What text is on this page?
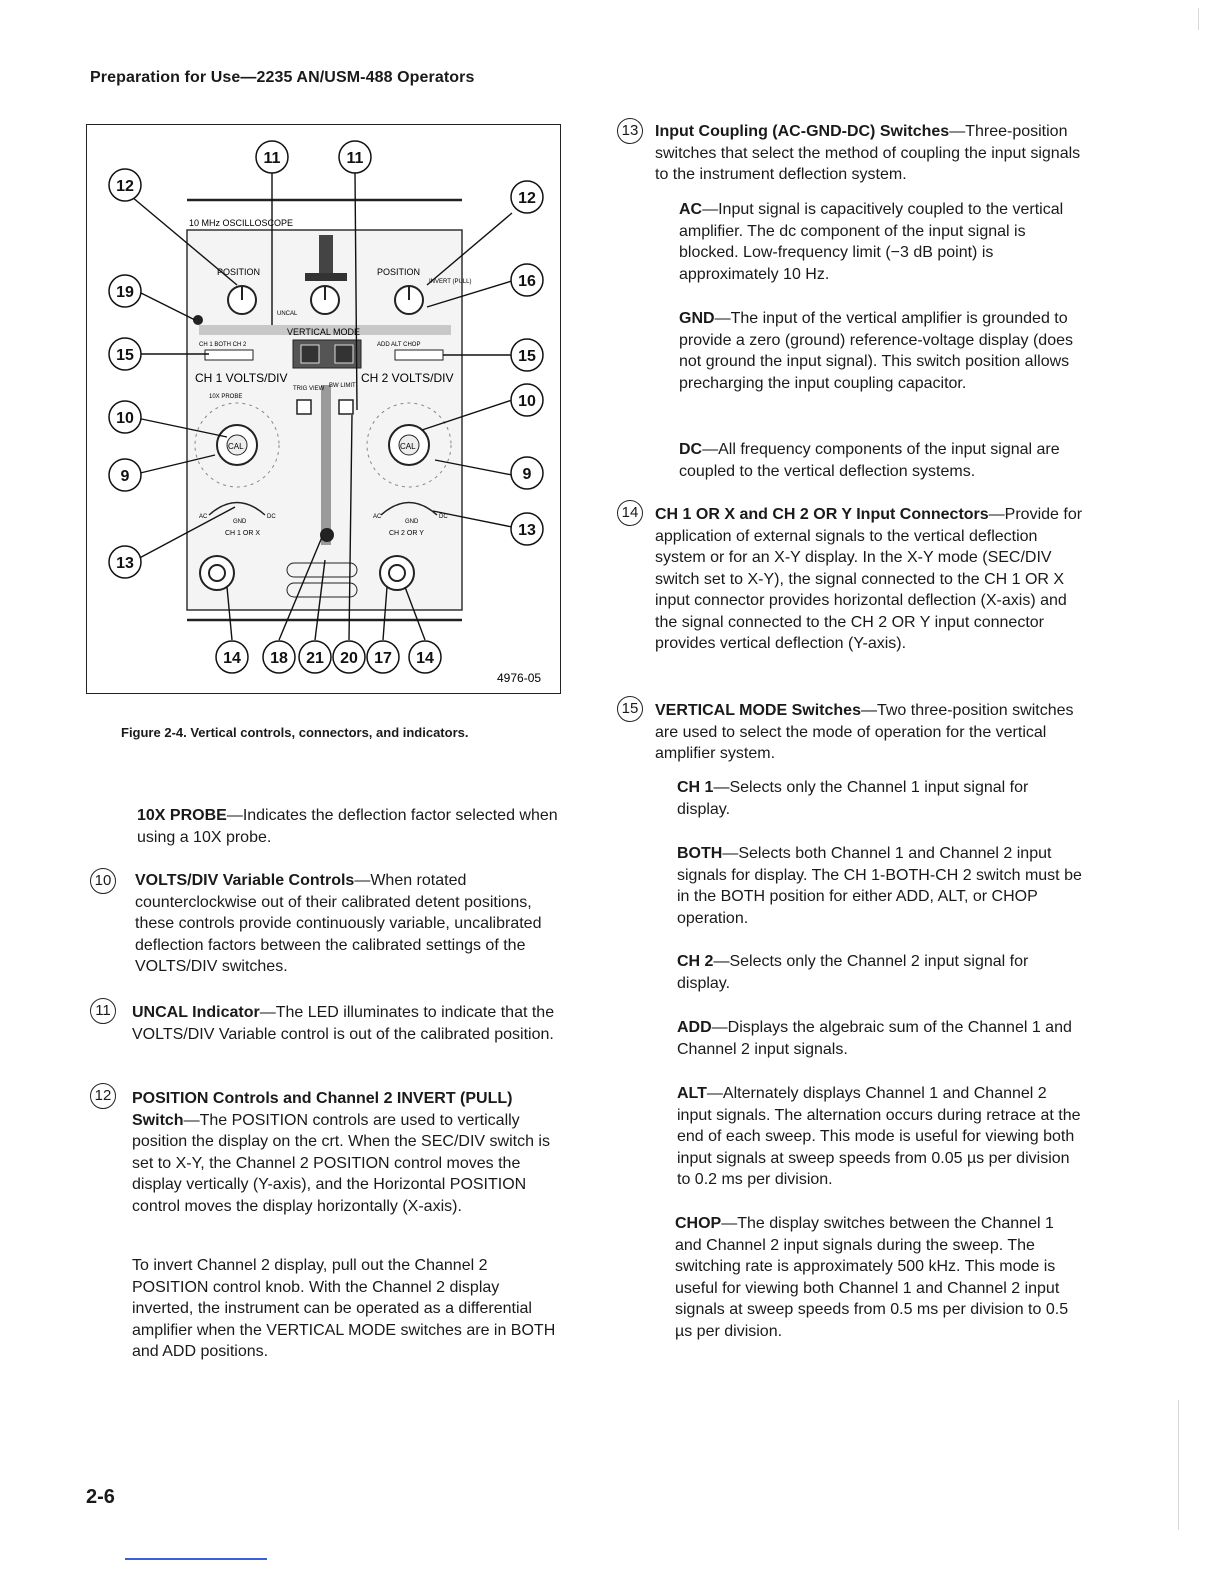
Preparation for Use—2235 AN/USM-488 Operators
10 MHz OSCILLOSCOPE
POSITION	POSITION
INVERT (PULL)
UNCAL
VERTICAL MODE
CH 1 BOTH CH 2	ADD ALT CHOP
CH 1 VOLTS/DIV	CH 2 VOLTS/DIV
TRIG VIEW BW LIMIT
10X PROBE
CAL	CAL
AC
GND
DC	AC
GND
DC
CH 1 OR X	CH 2 OR Y
11	11
12
19
15
10
9
13
12
16
15
10
9
13
14 18 21 20 17 14
4976-05
Figure 2-4. Vertical controls, connectors, and indicators.

10X PROBE—Indicates the deflection factor selected when using a 10X probe.

10 VOLTS/DIV Variable Controls—When rotated counterclockwise out of their calibrated detent positions, these controls provide continuously variable, uncalibrated deflection factors between the calibrated settings of the VOLTS/DIV switches.

11	UNCAL Indicator—The LED illuminates to indicate that the VOLTS/DIV Variable control is out of the calibrated position.

12 POSITION Controls and Channel 2 INVERT (PULL) Switch—The POSITION controls are used to vertically position the display on the crt. When the SEC/DIV switch is set to X-Y, the Channel 2 POSITION control moves the display vertically (Y-axis), and the Horizontal POSITION control moves the display horizontally (X-axis).

To invert Channel 2 display, pull out the Channel 2 POSITION control knob. With the Channel 2 display inverted, the instrument can be operated as a differential amplifier when the VERTICAL MODE switches are in BOTH and ADD positions.

13 Input Coupling (AC-GND-DC) Switches—Three-position switches that select the method of coupling the input signals to the instrument deflection system.

AC—Input signal is capacitively coupled to the vertical amplifier. The dc component of the input signal is blocked. Low-frequency limit (−3 dB point) is approximately 10 Hz.

GND—The input of the vertical amplifier is grounded to provide a zero (ground) reference-voltage display (does not ground the input signal). This switch position allows precharging the input coupling capacitor.

DC—All frequency components of the input signal are coupled to the vertical deflection systems.

14 CH 1 OR X and CH 2 OR Y Input Connectors—Provide for application of external signals to the vertical deflection system or for an X-Y display. In the X-Y mode (SEC/DIV switch set to X-Y), the signal connected to the CH 1 OR X input connector provides horizontal deflection (X-axis) and the signal connected to the CH 2 OR Y input connector provides vertical deflection (Y-axis).

15 VERTICAL MODE Switches—Two three-position switches are used to select the mode of operation for the vertical amplifier system.

CH 1—Selects only the Channel 1 input signal for display.

BOTH—Selects both Channel 1 and Channel 2 input signals for display. The CH 1-BOTH-CH 2 switch must be in the BOTH position for either ADD, ALT, or CHOP operation.

CH 2—Selects only the Channel 2 input signal for display.

ADD—Displays the algebraic sum of the Channel 1 and Channel 2 input signals.

ALT—Alternately displays Channel 1 and Channel 2 input signals. The alternation occurs during retrace at the end of each sweep. This mode is useful for viewing both input signals at sweep speeds from 0.05 µs per division to 0.2 ms per division.

CHOP—The display switches between the Channel 1 and Channel 2 input signals during the sweep. The switching rate is approximately 500 kHz. This mode is useful for viewing both Channel 1 and Channel 2 input signals at sweep speeds from 0.5 ms per division to 0.5 µs per division.

2-6
